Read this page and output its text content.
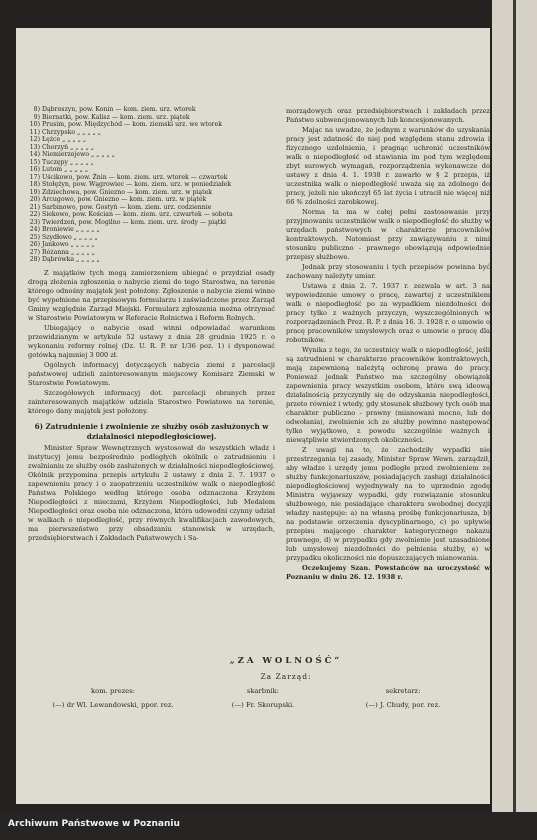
8) Dąbroszyn, pow. Konin — kom. ziem. urz. wtorek
9) Biernatki, pow. Kalisz — kom. ziem. urz. piątek
10) Prusim, pow. Międzychód — kom. ziemski urz. we wtorek
11) Chrzypsko „ „ „ „ „
12) Łężce „ „ „ „ „
13) Chorzyń „ „ „ „ „
14) Niemierzejewo „ „ „ „ „
15) Tuczępy „ „ „ „ „
16) Lutom „ „ „ „ „
17) Uścikowo, pow. Żnin — kom. ziem. urz. wtorek — czwartek
18) Stołężyn, pow. Wągrowiec — kom. ziem. urz. w poniedziałek
19) Zdziechowa, pow. Gniezno — kom. ziem. urz. w piątek
20) Arcugowo, pow. Gniezno — kom. ziem. urz. w piątek
21) Sarbinowo, pow. Gostyń — kom. ziem. urz. codziennie
22) Siekowo, pow. Kościan — kom. ziem. urz. czwartek — sobota
23) Twierdzeń, pow. Mogilno — kom. ziem. urz. środy — piątki
24) Broniewie „ „ „ „ „
25) Szydłowo „ „ „ „ „
26) Jankowo „ „ „ „ „
27) Różanna „ „ „ „ „
28) Dąbrówka „ „ „ „ „

Z majątków tych mogą zamierzeniem ubiegać o przydział osady drogą złożenia zgłoszenia o nabycie ziemi do tego Starostwa, na terenie którego odnośny majątek jest położony. Zgłoszenie o nabycie ziemi winno być wypełnione na przepisowym formularzu i zaświadczone przez Zarząd Gminy względnie Zarząd Miejski. Formularz zgłoszenia można otrzymać w Starostwie Powiatowym w Referacie Rolnictwa i Reform Rolnych.

Ubiegający o nabycie osad winni odpowiadać warunkom przewidzianym w artykule 52 ustawy z dnia 28 grudnia 1925 r. o wykonaniu reformy rolnej (Dz. U. R. P. nr 1/36 poz. 1) i dysponować gotówką najmniej 3 000 zł.

Ogólnych informacyj dotyczących nabycia ziemi z parcelacji państwowej udzieli zainteresowanym miejscowy Komisarz Ziemski w Starostwie Powiatowym.

Szczegółowych informacyj dot. parcelacji obranych przez zainteresowanych majątków udziela Starostwo Powiatowe na terenie, którego dany majątek jest położony.

6) Zatrudnienie i zwolnienie ze służby osób zasłużonych w działalności niepodległościowej.

Minister Spraw Wewnętrznych wystosował do wszystkich władz i instytucyj jemu bezpośrednio podległych okólnik o zatrudnieniu i zwalnianiu ze służby osób zasłużonych w działalności niepodległościowej. Okólnik przypomina przepis artykułu 2 ustawy z dnia 2. 7. 1937 o zapewnieniu pracy i o zaopatrzeniu uczestników walk o niepodległość Państwa Polskiego według którego osoba odznaczona Krzyżem Niepodległości z mieczami, Krzyżem Niepodległości, lub Medalem Niepodległości oraz osoba nie odznaczona, która udowodni czynny udział w walkach o niepodległość, przy równych kwalifikacjach zawodowych, ma pierwszeństwo przy obsadzaniu stanowisk w urzędach, przedsiębiorstwach i Zakładach Państwowych i Sa-

morządowych oraz przedsiębiorstwach i zakładach przez Państwo subwencjonowanych lub koncesjonowanych.

Mając na uwadze, że jednym z warunków do uzyskania pracy jest zdatność do niej pod względem stanu zdrowia i fizycznego uzdolnienia, i pragnąc uchronić uczestników walk o niepodległość od stawiania im pod tym względem zbyt surowych wymagań, rozporządzenia wykonawcze do ustawy z dnia 4. 1. 1938 r. zawarło w § 2 przepis, iż uczestnika walk o niepodległość uważa się za zdolnego do pracy, jeżeli nie ukończył 65 lat życia i utracił nie więcej niż 66 % zdolności zarobkowej.

Norma ta ma w całej pełni zastosowanie przy przyjmowaniu uczestników walk o niepodległość do służby w urzędach państwowych w charakterze pracowników kontraktowych. Natomiast przy zawiązywaniu z nimi stosunku publiczno - prawnego obowiązują odpowiednie przepisy służbowe.

Jednak przy stosowaniu i tych przepisów powinna być zachowany należyty umiar.

Ustawa z dnia 2. 7. 1937 r. zezwala w art. 3 na wypowiedzenie umowy o pracę, zawartej z uczestnikiem walk o niepodległość po za wypadkiem niezdolności do pracy tylko z ważnych przyczyn, wyszczególnionych w rozporządzeniach Prez. R. P. z dnia 16. 3. 1928 r. o umowie o pracę pracowników umysłowych oraz o umowie o pracę dla robotników.

Wynika z tego, że uczestnicy walk o niepodległość, jeśli są zatrudnieni w charakterze pracowników kontraktowych, mają zapewnioną należytą ochronę prawa do pracy. Ponieważ jednak Państwo ma szczególny obowiązek zapewnienia pracy wszystkim osobom, które swą ideową działalnością przyczyniły się do odzyskania niepodległości, przeto również i wtedy, gdy stosunek służbowy tych osób ma charakter publiczno - prawny (mianowani mocno, lub do odwołania), zwolnienie ich ze służby powinno następować tylko wyjątkowo, z powodu szczególnie ważnych i niewątpliwie stwierdzonych okoliczności.

Z uwagi na to, że zachodziły wypadki nie przestrzegania tej zasady, Minister Spraw Wewn. zarządził, aby władze i urzędy jemu podległe przed zwolnieniem ze służby funkcjonariuszów, posiadających zasługi działalności niepodległościowej wyjednywały na to uprzednio zgodę Ministra wyjąwszy wypadki, gdy rozwiązanie stosunku służbowego, nie posiadające charakteru swobodnej decyzji władzy następuje: a) na własną prośbę funkcjonariusza, b) na podstawie orzeczenia dyscyplinarnego, c) po upływie przepisu mającego charakter kategorycznego nakazu prawnego, d) w przypadku gdy zwolnienie jest uzasadnione lub umysłowej niezdolności do pełnienia służby, e) w przypadku okoliczności nie dopuszczających mianowania.

Oczekujemy Szan. Powstańców na uroczystość w Poznaniu w dniu 26. 12. 1938 r.

„ZA WOLNOŚĆ“
Za Zarząd:
kom. prezes:
(—) dr Wl. Lewandowski, ppor. rez.
skarbnik:
(—) Fr. Skorupski.
sekretarz:
(—) J. Chudy, por. rez.
Archiwum Państwowe w Poznaniu
